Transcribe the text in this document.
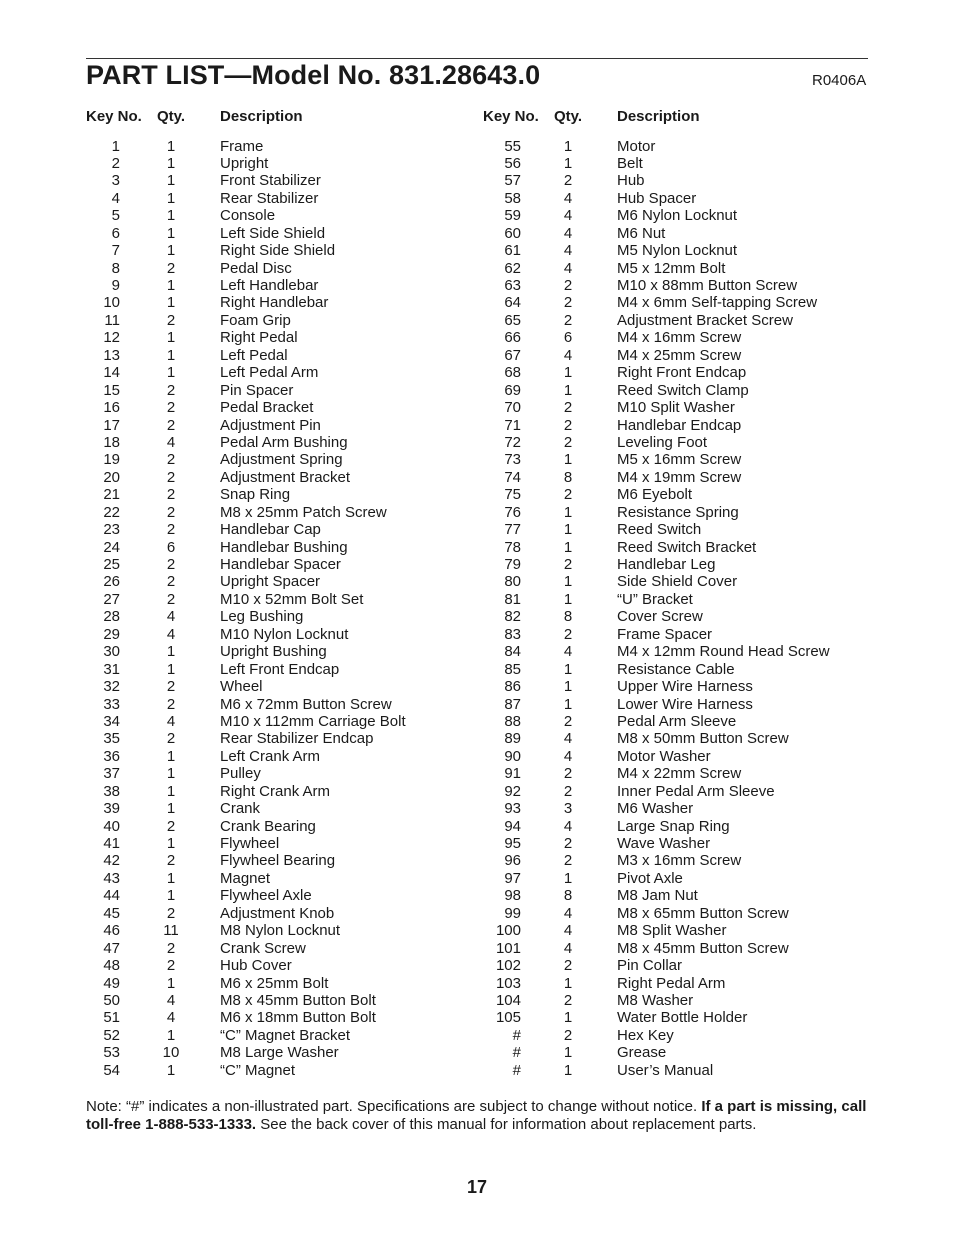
PART LIST—Model No. 831.28643.0	R0406A
Key No. Qty. Description	Key No. Qty. Description
1	1	Frame
2	1	Upright
3	1	Front Stabilizer
4	1	Rear Stabilizer
5	1	Console
6	1	Left Side Shield
7	1	Right Side Shield
8	2	Pedal Disc
9	1	Left Handlebar
10	1	Right Handlebar
11	2	Foam Grip
12	1	Right Pedal
13	1	Left Pedal
14	1	Left Pedal Arm
15	2	Pin Spacer
16	2	Pedal Bracket
17	2	Adjustment Pin
18	4	Pedal Arm Bushing
19	2	Adjustment Spring
20	2	Adjustment Bracket
21	2	Snap Ring
22	2	M8 x 25mm Patch Screw
23	2	Handlebar Cap
24	6	Handlebar Bushing
25	2	Handlebar Spacer
26	2	Upright Spacer
27	2	M10 x 52mm Bolt Set
28	4	Leg Bushing
29	4	M10 Nylon Locknut
30	1	Upright Bushing
31	1	Left Front Endcap
32	2	Wheel
33	2	M6 x 72mm Button Screw
34	4	M10 x 112mm Carriage Bolt
35	2	Rear Stabilizer Endcap
36	1	Left Crank Arm
37	1	Pulley
38	1	Right Crank Arm
39	1	Crank
40	2	Crank Bearing
41	1	Flywheel
42	2	Flywheel Bearing
43	1	Magnet
44	1	Flywheel Axle
45	2	Adjustment Knob
46	11	M8 Nylon Locknut
47	2	Crank Screw
48	2	Hub Cover
49	1	M6 x 25mm Bolt
50	4	M8 x 45mm Button Bolt
51	4	M6 x 18mm Button Bolt
52	1	“C” Magnet Bracket
53	10	M8 Large Washer
54	1	“C” Magnet
55	1	Motor
56	1	Belt
57	2	Hub
58	4	Hub Spacer
59	4	M6 Nylon Locknut
60	4	M6 Nut
61	4	M5 Nylon Locknut
62	4	M5 x 12mm Bolt
63	2	M10 x 88mm Button Screw
64	2	M4 x 6mm Self-tapping Screw
65	2	Adjustment Bracket Screw
66	6	M4 x 16mm Screw
67	4	M4 x 25mm Screw
68	1	Right Front Endcap
69	1	Reed Switch Clamp
70	2	M10 Split Washer
71	2	Handlebar Endcap
72	2	Leveling Foot
73	1	M5 x 16mm Screw
74	8	M4 x 19mm Screw
75	2	M6 Eyebolt
76	1	Resistance Spring
77	1	Reed Switch
78	1	Reed Switch Bracket
79	2	Handlebar Leg
80	1	Side Shield Cover
81	1	“U” Bracket
82	8	Cover Screw
83	2	Frame Spacer
84	4	M4 x 12mm Round Head Screw
85	1	Resistance Cable
86	1	Upper Wire Harness
87	1	Lower Wire Harness
88	2	Pedal Arm Sleeve
89	4	M8 x 50mm Button Screw
90	4	Motor Washer
91	2	M4 x 22mm Screw
92	2	Inner Pedal Arm Sleeve
93	3	M6 Washer
94	4	Large Snap Ring
95	2	Wave Washer
96	2	M3 x 16mm Screw
97	1	Pivot Axle
98	8	M8 Jam Nut
99	4	M8 x 65mm Button Screw
100	4	M8 Split Washer
101	4	M8 x 45mm Button Screw
102	2	Pin Collar
103	1	Right Pedal Arm
104	2	M8 Washer
105	1	Water Bottle Holder
#	2	Hex Key
#	1	Grease
#	1	User’s Manual

Note: “#” indicates a non-illustrated part. Specifications are subject to change without notice. If a part is missing, call toll-free 1-888-533-1333. See the back cover of this manual for information about replacement parts.

17
